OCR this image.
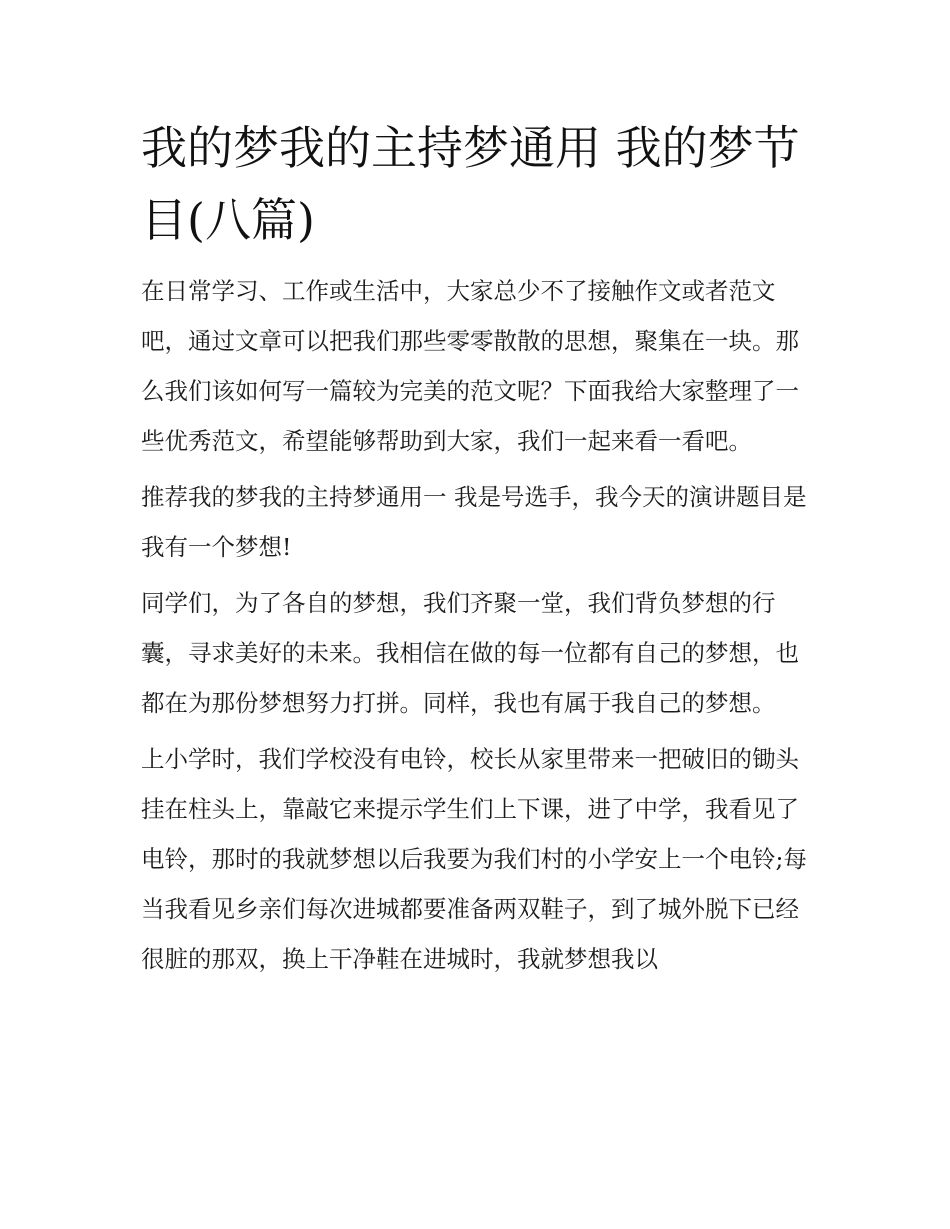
我的梦我的主持梦通用 我的梦节目(八篇)

在日常学习、工作或生活中，大家总少不了接触作文或者范文吧，通过文章可以把我们那些零零散散的思想，聚集在一块。那么我们该如何写一篇较为完美的范文呢？下面我给大家整理了一些优秀范文，希望能够帮助到大家，我们一起来看一看吧。

推荐我的梦我的主持梦通用一 我是号选手，我今天的演讲题目是我有一个梦想!

同学们，为了各自的梦想，我们齐聚一堂，我们背负梦想的行囊，寻求美好的未来。我相信在做的每一位都有自己的梦想，也都在为那份梦想努力打拼。同样，我也有属于我自己的梦想。

上小学时，我们学校没有电铃，校长从家里带来一把破旧的锄头挂在柱头上，靠敲它来提示学生们上下课，进了中学，我看见了电铃，那时的我就梦想以后我要为我们村的小学安上一个电铃;每当我看见乡亲们每次进城都要准备两双鞋子，到了城外脱下已经很脏的那双，换上干净鞋在进城时，我就梦想我以
